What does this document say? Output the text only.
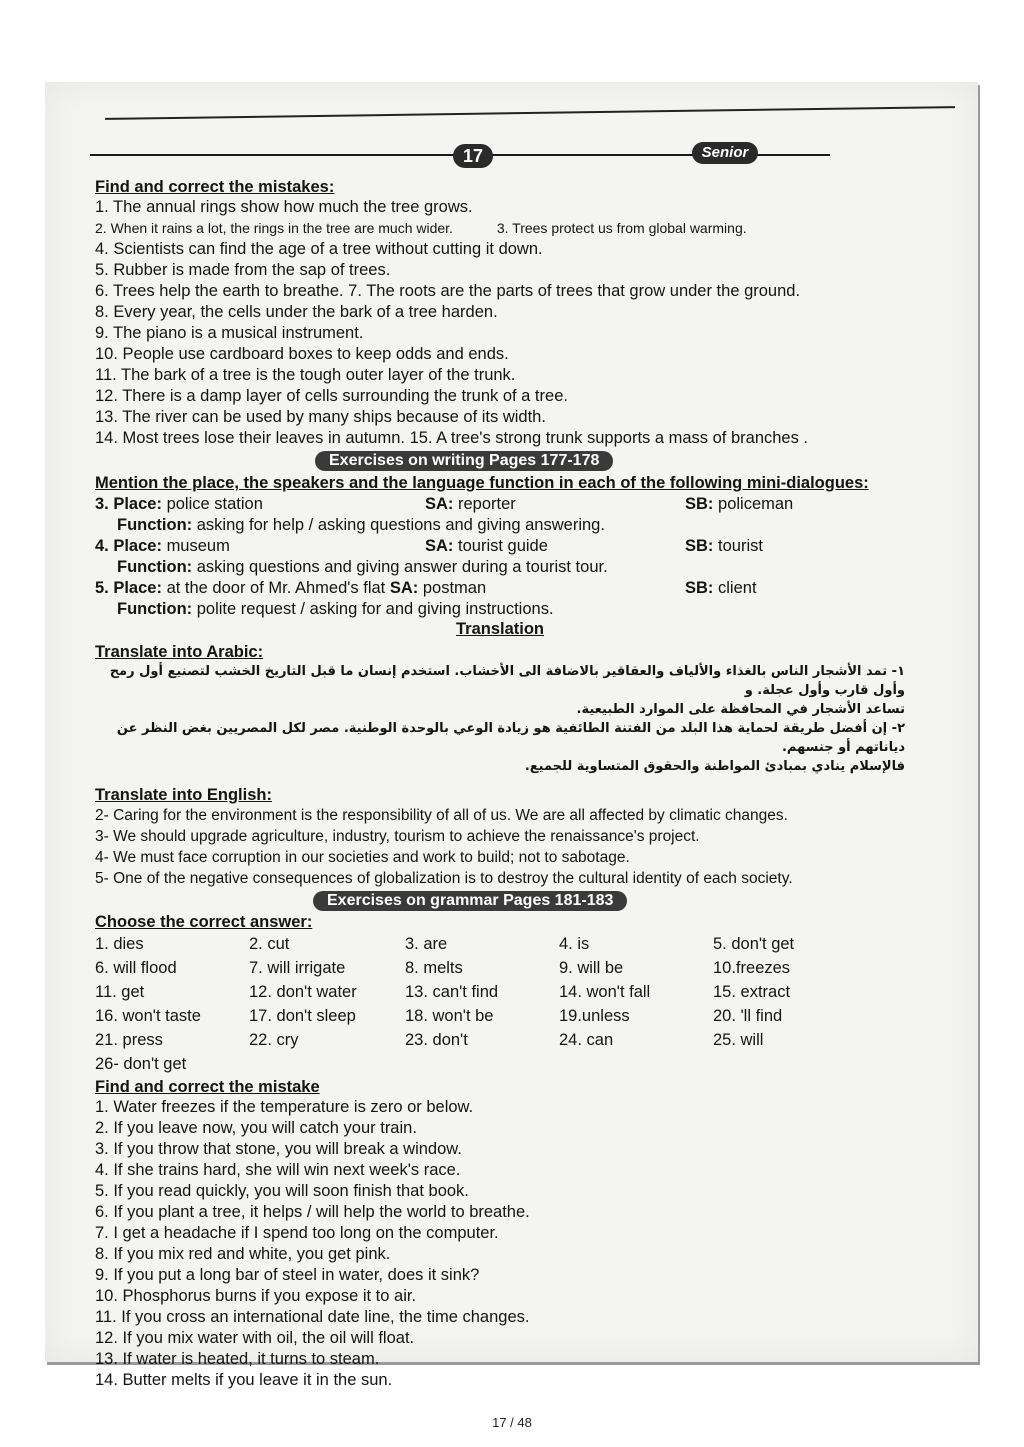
17	Senior
Find and correct the mistakes:
1. The annual rings show how much the tree grows.
2. When it rains a lot, the rings in the tree are much wider.	3. Trees protect us from global warming.
4. Scientists can find the age of a tree without cutting it down.
5. Rubber is made from the sap of trees.
6. Trees help the earth to breathe. 7. The roots are the parts of trees that grow under the ground.
8. Every year, the cells under the bark of a tree harden.
9. The piano is a musical instrument.
10. People use cardboard boxes to keep odds and ends.
11. The bark of a tree is the tough outer layer of the trunk.
12. There is a damp layer of cells surrounding the trunk of a tree.
13. The river can be used by many ships because of its width.
14. Most trees lose their leaves in autumn. 15. A tree's strong trunk supports a mass of branches .
Exercises on writing Pages 177-178
Mention the place, the speakers and the language function in each of the following mini-dialogues:
3. Place: police station	SA: reporter	SB: policeman
Function:
asking for help / asking questions and giving answering.
4. Place: museum	SA: tourist guide	SB: tourist
Function:
asking questions and giving answer during a tourist tour.
5. Place: at the door of Mr. Ahmed's flat SA: postman	SB: client
Function:
polite request / asking for and giving instructions.
Translation
Translate into Arabic:
١- تمد الأشجار الناس بالغذاء والألياف والعقاقير بالاضافة الى الأخشاب. استخدم إنسان ما قبل التاريخ الخشب لتصنيع أول رمح وأول قارب وأول عجلة. و
تساعد الأشجار في المحافظة على الموارد الطبيعية.
٢- إن أفضل طريقة لحماية هذا البلد من الفتنة الطائفية هو زيادة الوعي بالوحدة الوطنية. مصر لكل المصريين بغض النظر عن دياناتهم أو جنسهم.
فالإسلام ينادي بمبادئ المواطنة والحقوق المتساوية للجميع.
Translate into English:
2- Caring for the environment is the responsibility of all of us. We are all affected by climatic changes.
3- We should upgrade agriculture, industry, tourism to achieve the renaissance's project.
4- We must face corruption in our societies and work to build; not to sabotage.
5- One of the negative consequences of globalization is to destroy the cultural identity of each society.
Exercises on grammar Pages 181-183
Choose the correct answer:
1. dies	2. cut	3. are	4. is	5. don't get
6. will flood	7. will irrigate	8. melts	9. will be	10.freezes
11. get	12. don't water	13. can't find	14. won't fall	15. extract
16. won't taste	17. don't sleep	18. won't be	19.unless	20. 'll find
21. press	22. cry	23. don't	24. can	25. will
26- don't get
Find and correct the mistake
1. Water freezes if the temperature is zero or below.
2. If you leave now, you will catch your train.
3. If you throw that stone, you will break a window.
4. If she trains hard, she will win next week's race.
5. If you read quickly, you will soon finish that book.
6. If you plant a tree, it helps / will help the world to breathe.
7. I get a headache if I spend too long on the computer.
8. If you mix red and white, you get pink.
9. If you put a long bar of steel in water, does it sink?
10. Phosphorus burns if you expose it to air.
11. If you cross an international date line, the time changes.
12. If you mix water with oil, the oil will float.
13. If water is heated, it turns to steam.
14. Butter melts if you leave it in the sun.
17 / 48
